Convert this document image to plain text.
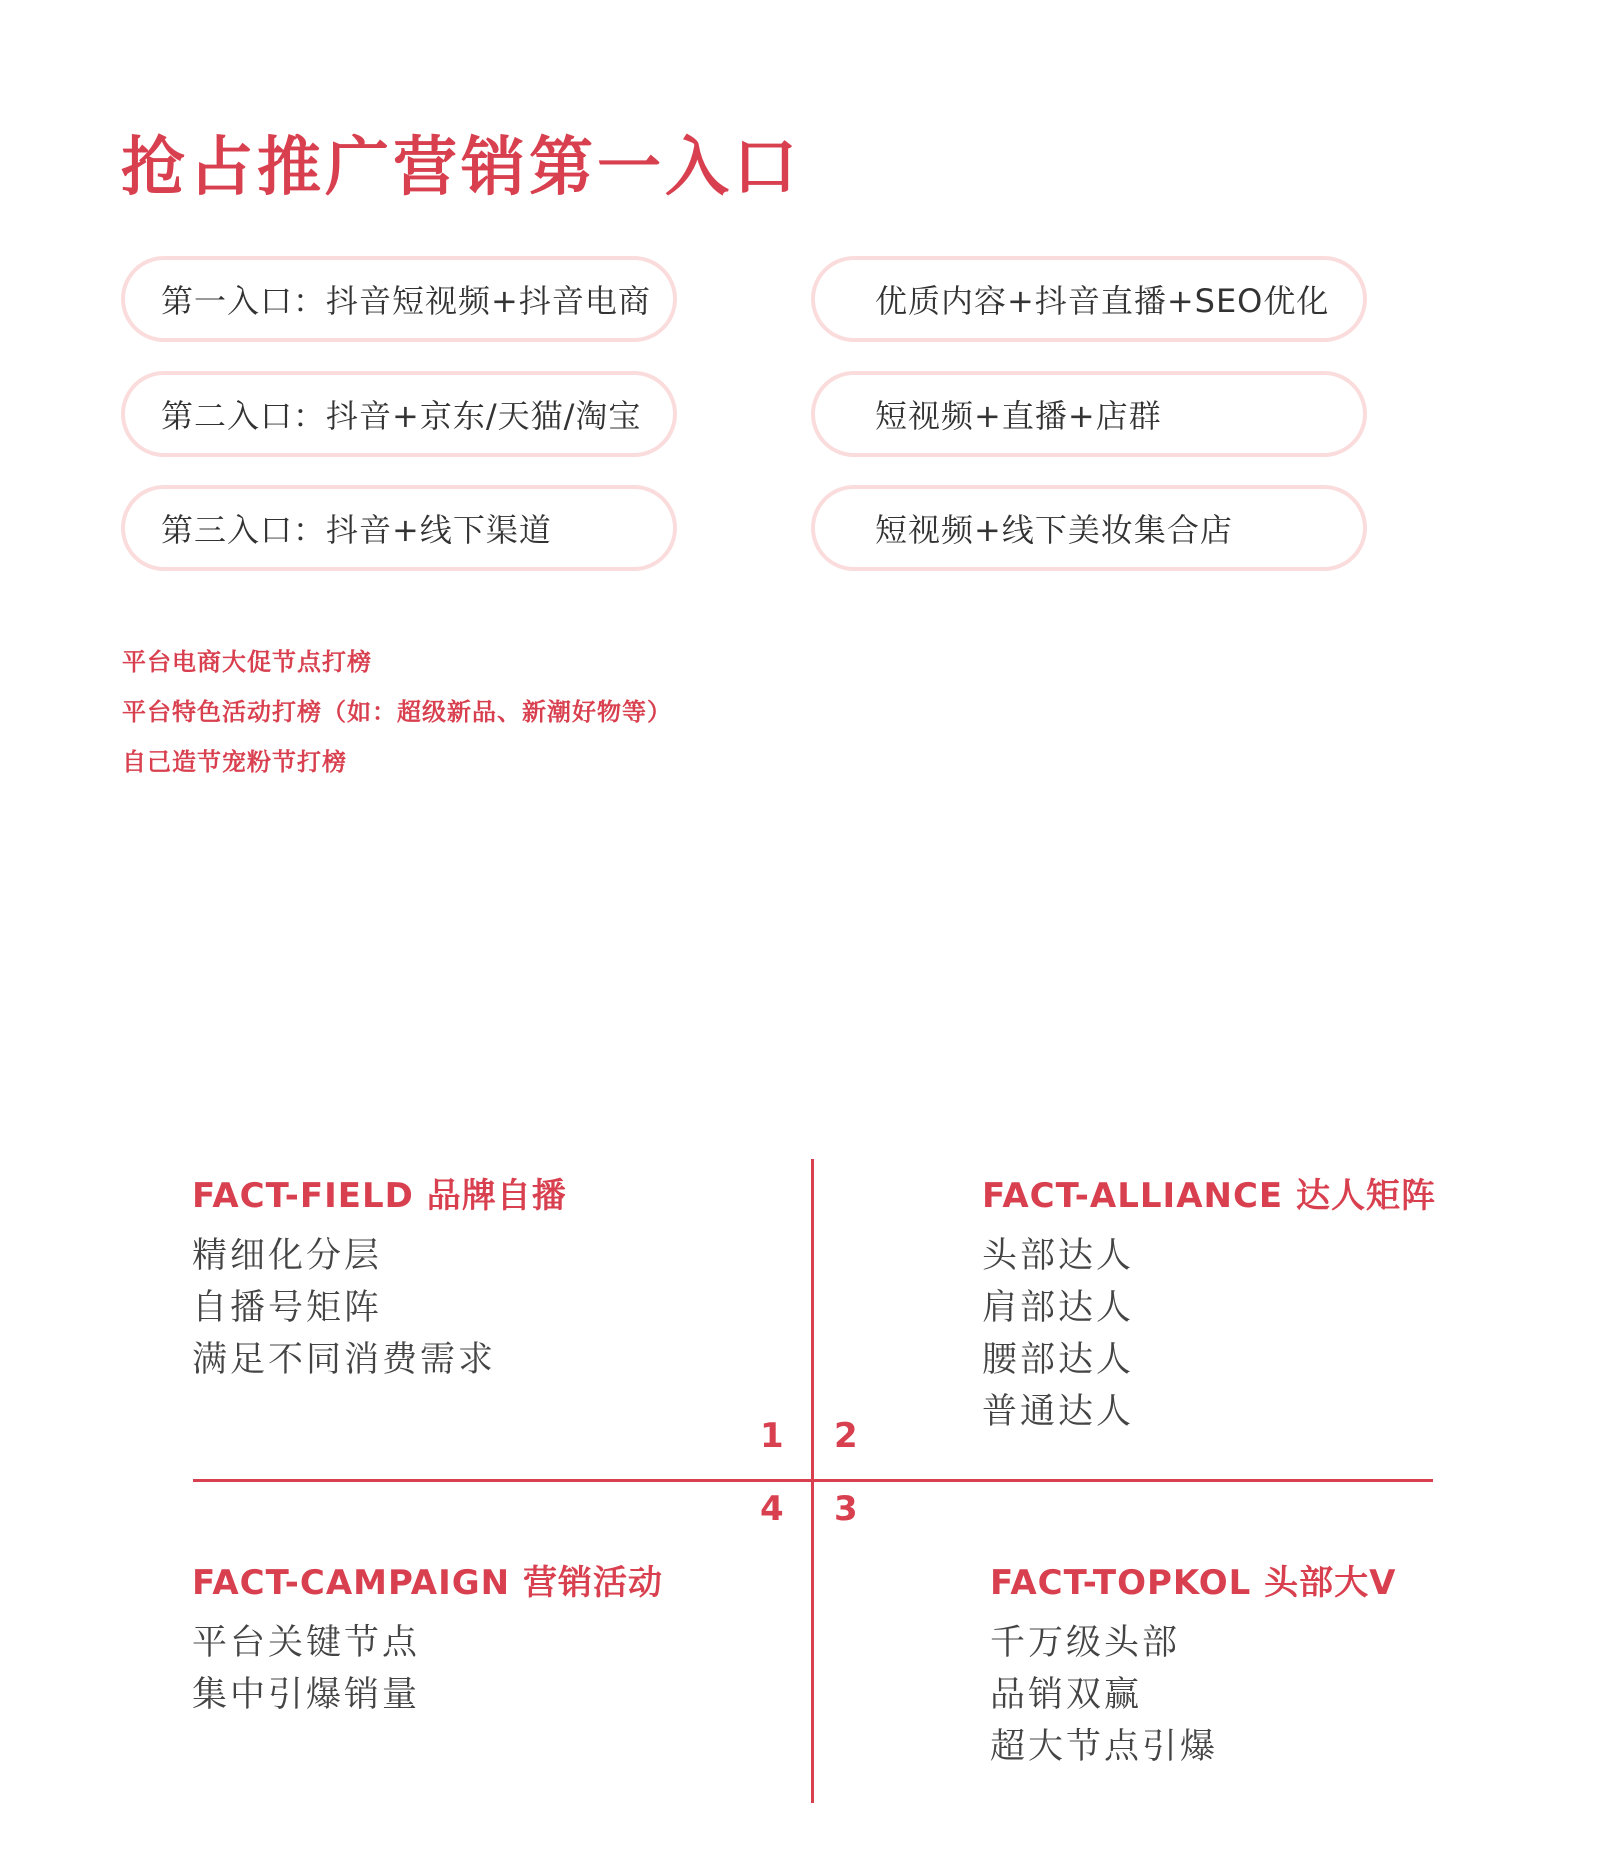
抢占推广营销第一入口
第一入口：抖音短视频+抖音电商
第二入口：抖音+京东/天猫/淘宝
第三入口：抖音+线下渠道
优质内容+抖音直播+SEO优化
短视频+直播+店群
短视频+线下美妆集合店
平台电商大促节点打榜
平台特色活动打榜（如：超级新品、新潮好物等）
自己造节宠粉节打榜
1 2
3
4
FACT-FIELD 品牌自播
精细化分层
自播号矩阵
满足不同消费需求
FACT-ALLIANCE 达人矩阵
头部达人
肩部达人
腰部达人
普通达人
FACT-CAMPAIGN 营销活动
平台关键节点
集中引爆销量
FACT-TOPKOL 头部大V
千万级头部
品销双赢
超大节点引爆
